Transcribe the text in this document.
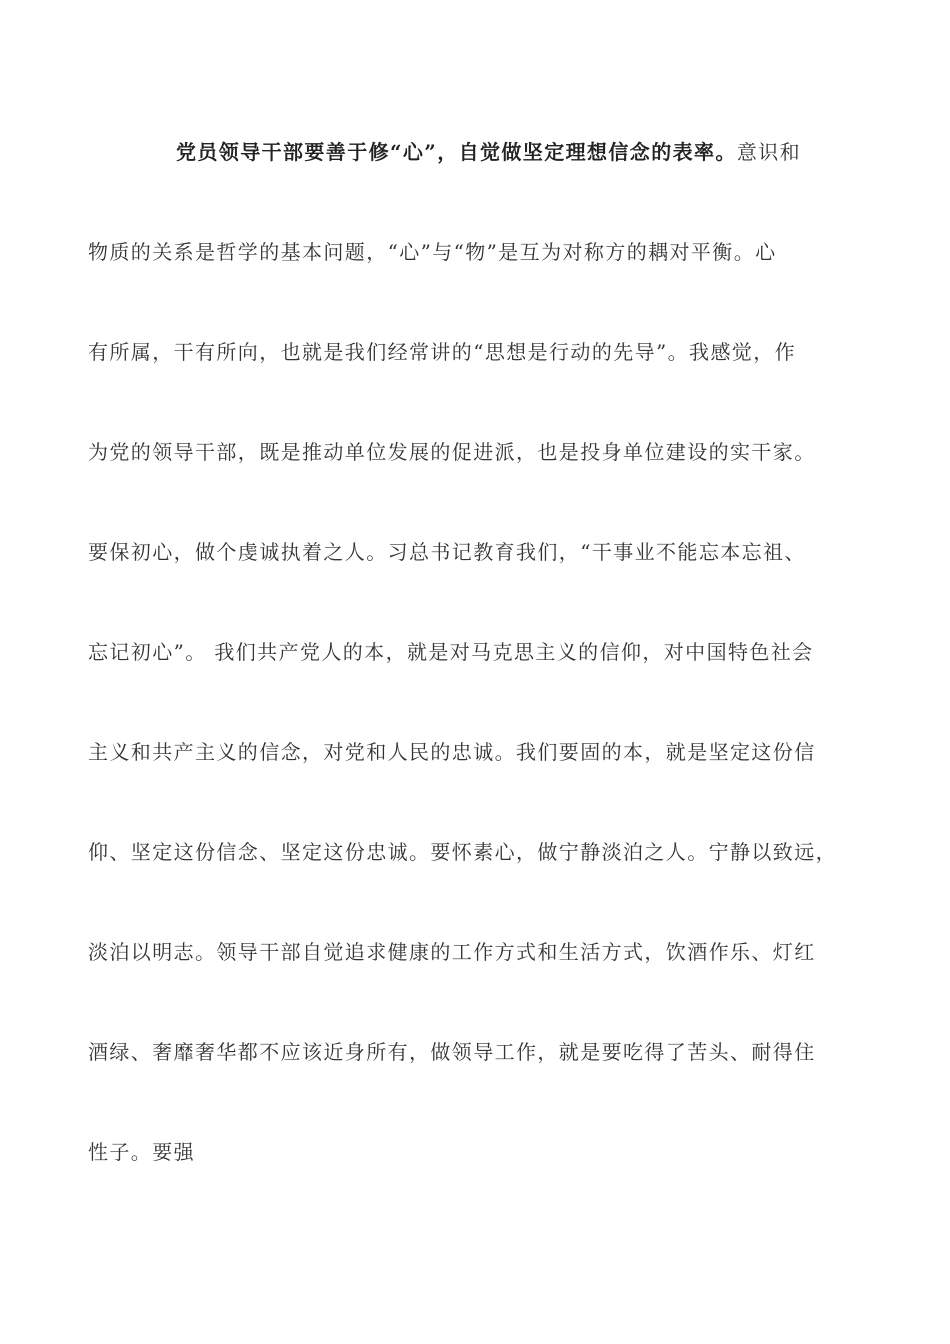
党员领导干部要善于修“心”，自觉做坚定理想信念的表率。意识和
物质的关系是哲学的基本问题，“心”与“物”是互为对称方的耦对平衡。心
有所属，干有所向，也就是我们经常讲的“思想是行动的先导”。我感觉，作
为党的领导干部，既是推动单位发展的促进派，也是投身单位建设的实干家。
要保初心，做个虔诚执着之人。习总书记教育我们，“干事业不能忘本忘祖、
忘记初心”。 我们共产党人的本，就是对马克思主义的信仰，对中国特色社会
主义和共产主义的信念，对党和人民的忠诚。我们要固的本，就是坚定这份信
仰、坚定这份信念、坚定这份忠诚。要怀素心，做宁静淡泊之人。宁静以致远，
淡泊以明志。领导干部自觉追求健康的工作方式和生活方式，饮酒作乐、灯红
酒绿、奢靡奢华都不应该近身所有，做领导工作，就是要吃得了苦头、耐得住
性子。要强
